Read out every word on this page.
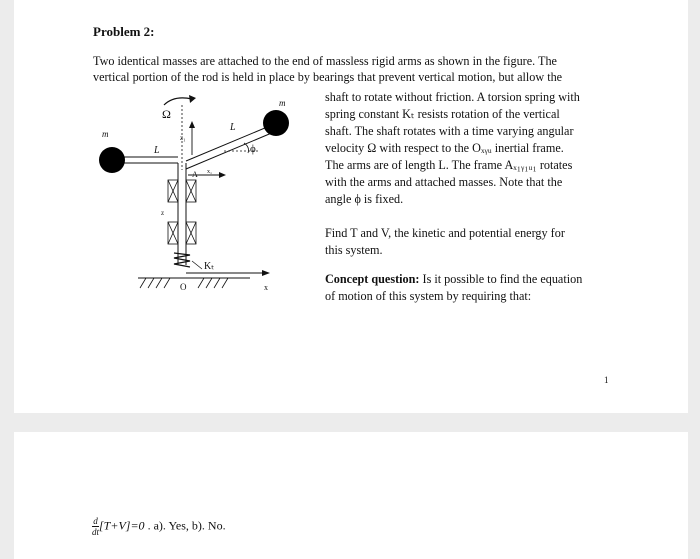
Problem 2:
Two identical masses are attached to the end of massless rigid arms as shown in the figure. The
vertical portion of the rod is held in place by bearings that prevent vertical motion, but allow the
shaft to rotate without friction. A torsion spring with
spring constant Kₜ resists rotation of the vertical
shaft. The shaft rotates with a time varying angular
velocity Ω with respect to the Oₓᵧᵤ inertial frame.
The arms are of length L. The frame Aₓ₁ᵧ₁ᵤ₁ rotates
with the arms and attached masses. Note that the
angle ϕ is fixed.
Find T and V, the kinetic and potential energy for
this system.
Concept question: Is it possible to find the equation
of motion of this system by requiring that:
1
Ω
z₁
m
L
ϕ
m
L
x₁
A
z
Kₜ
O	x
$\frac{d}{dt} [T+V]=0$ . a). Yes, b). No.
